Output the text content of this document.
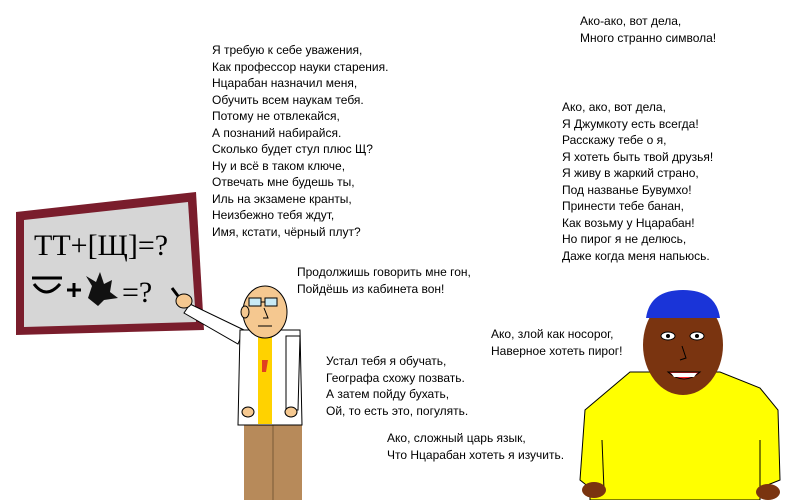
ТТ+[Щ]=?
=?
Я требую к себе уважения,
Как профессор науки старения.
Нцарабан назначил меня,
Обучить всем наукам тебя.
Потому не отвлекайся,
А познаний набирайся.
Сколько будет стул плюс Щ?
Ну и всё в таком ключе,
Отвечать мне будешь ты,
Иль на экзамене кранты,
Неизбежно тебя ждут,
Имя, кстати, чёрный плут?
Продолжишь говорить мне гон,
Пойдёшь из кабинета вон!
Устал тебя я обучать,
Географа схожу позвать.
А затем пойду бухать,
Ой, то есть это, погулять.
Ако-ако, вот дела,
Много странно символа!
Ако, ако, вот дела,
Я Джумкоту есть всегда!
Расскажу тебе о я,
Я хотеть быть твой друзья!
Я живу в жаркий страно,
Под названье Бувумхо!
Принести тебе банан,
Как возьму у Нцарабан!
Но пирог я не делюсь,
Даже когда меня напьюсь.
Ако, злой как носорог,
Наверное хотеть пирог!
Ако, сложный царь язык,
Что Нцарабан хотеть я изучить.
